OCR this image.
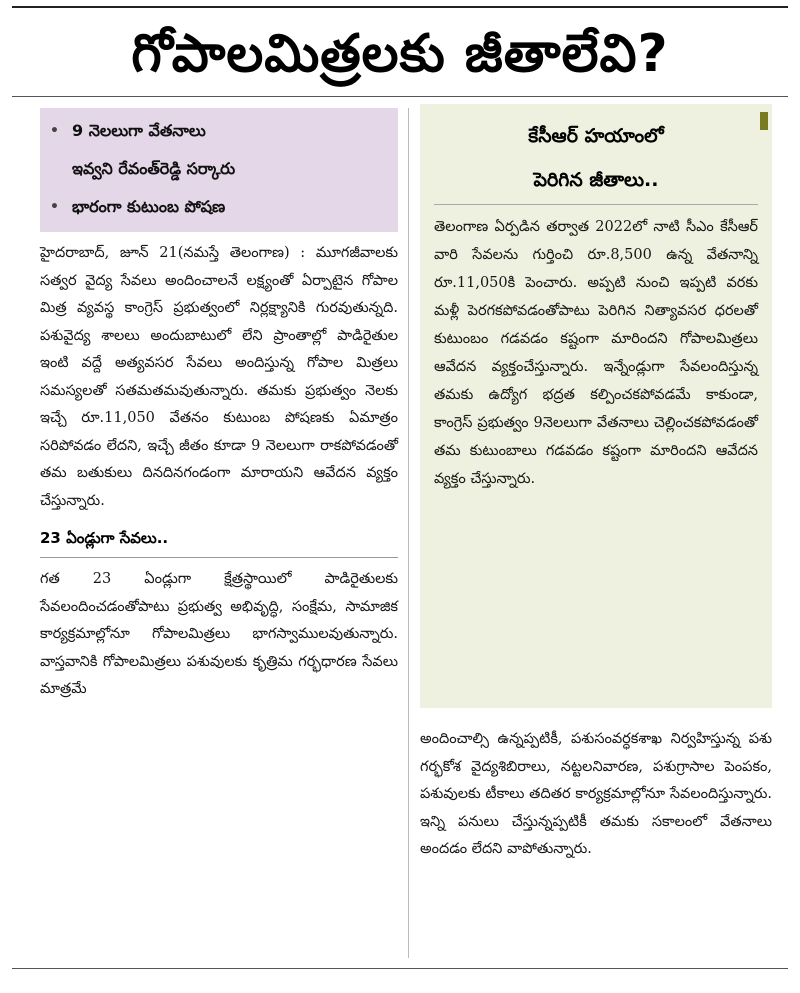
గోపాలమిత్రలకు జీతాలేవి?
• 9 నెలలుగా వేతనాలు
ఇవ్వని రేవంత్‌రెడ్డి సర్కారు
• భారంగా కుటుంబ పోషణ

హైదరాబాద్, జూన్ 21(నమస్తే తెలంగాణ) : మూగజీవాలకు సత్వర వైద్య సేవలు అందించాలనే లక్ష్యంతో ఏర్పాటైన గోపాల మిత్ర వ్యవస్థ కాంగ్రెస్ ప్రభుత్వంలో నిర్లక్ష్యానికి గురవుతున్నది. పశువైద్య శాలలు అందుబాటులో లేని ప్రాంతాల్లో పాడిరైతుల ఇంటి వద్దే అత్యవసర సేవలు అందిస్తున్న గోపాల మిత్రలు సమస్యలతో సతమతమవుతున్నారు. తమకు ప్రభుత్వం నెలకు ఇచ్చే రూ.11,050 వేతనం కుటుంబ పోషణకు ఏమాత్రం సరిపోవడం లేదని, ఇచ్చే జీతం కూడా 9 నెలలుగా రాకపోవడంతో తమ బతుకులు దినదినగండంగా మారాయని ఆవేదన వ్యక్తం చేస్తున్నారు.

23 ఏండ్లుగా సేవలు..

గత 23 ఏండ్లుగా క్షేత్రస్థాయిలో పాడిరైతులకు సేవలందించడంతోపాటు ప్రభుత్వ అభివృద్ధి, సంక్షేమ, సామాజిక కార్యక్రమాల్లోనూ గోపాలమిత్రలు భాగస్వాములవుతున్నారు. వాస్తవానికి గోపాలమిత్రలు పశువులకు కృత్రిమ గర్భధారణ సేవలు మాత్రమే

కేసీఆర్ హయాంలో
పెరిగిన జీతాలు..

తెలంగాణ ఏర్పడిన తర్వాత 2022లో నాటి సీఎం కేసీఆర్ వారి సేవలను గుర్తించి రూ.8,500 ఉన్న వేతనాన్ని రూ.11,050కి పెంచారు. అప్పటి నుంచి ఇప్పటి వరకు మళ్లీ పెరగకపోవడంతోపాటు పెరిగిన నిత్యావసర ధరలతో కుటుంబం గడవడం కష్టంగా మారిందని గోపాలమిత్రలు ఆవేదన వ్యక్తంచేస్తున్నారు. ఇన్నేండ్లుగా సేవలందిస్తున్న తమకు ఉద్యోగ భద్రత కల్పించకపోవడమే కాకుండా, కాంగ్రెస్ ప్రభుత్వం 9నెలలుగా వేతనాలు చెల్లించకపోవడంతో తమ కుటుంబాలు గడవడం కష్టంగా మారిందని ఆవేదన వ్యక్తం చేస్తున్నారు.

అందించాల్సి ఉన్నప్పటికీ, పశుసంవర్ధకశాఖ నిర్వహిస్తున్న పశు గర్భకోశ వైద్యశిబిరాలు, నట్టలనివారణ, పశుగ్రాసాల పెంపకం, పశువులకు టీకాలు తదితర కార్యక్రమాల్లోనూ సేవలందిస్తున్నారు. ఇన్ని పనులు చేస్తున్నప్పటికీ తమకు సకాలంలో వేతనాలు అందడం లేదని వాపోతున్నారు.
